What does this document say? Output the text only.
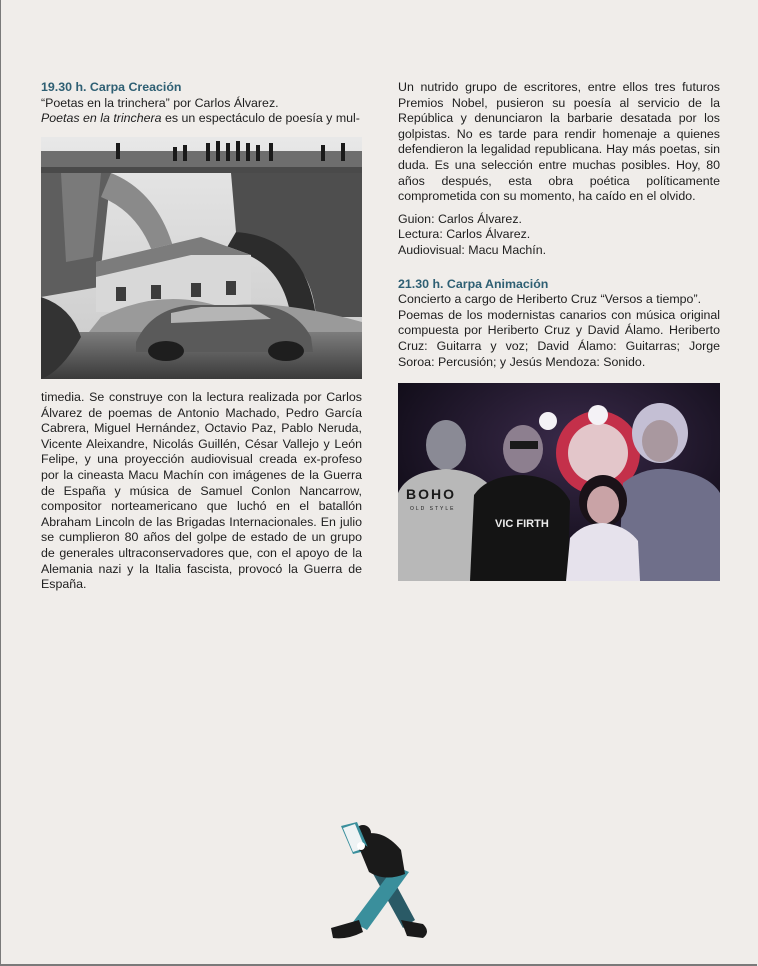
19.30 h. Carpa Creación

“Poetas en la trinchera” por Carlos Álvarez.

Poetas en la trinchera es un espectáculo de poesía y mul-

timedia. Se construye con la lectura realizada por Carlos Álvarez de poemas de Antonio Machado, Pedro García Cabrera, Miguel Hernández, Octavio Paz, Pablo Neruda, Vicente Aleixandre, Nicolás Guillén, César Vallejo y León Felipe, y una proyección audiovisual creada ex-profeso por la cineasta Macu Machín con imágenes de la Guerra de España y música de Samuel Conlon Nancarrow, compositor norteamericano que luchó en el batallón Abraham Lincoln de las Brigadas Internacionales. En julio se cumplieron 80 años del golpe de estado de un grupo de generales ultraconservadores que, con el apoyo de la Alemania nazi y la Italia fascista, provocó la Guerra de España.

Un nutrido grupo de escritores, entre ellos tres futuros Premios Nobel, pusieron su poesía al servicio de la República y denunciaron la barbarie desatada por los golpistas. No es tarde para rendir homenaje a quienes defendieron la legalidad republicana. Hay más poetas, sin duda. Es una selección entre muchas posibles. Hoy, 80 años después, esta obra poética políticamente comprometida con su momento, ha caído en el olvido.

Guion: Carlos Álvarez.
Lectura: Carlos Álvarez.
Audiovisual: Macu Machín.

21.30 h. Carpa Animación

Concierto a cargo de Heriberto Cruz “Versos a tiempo”.

Poemas de los modernistas canarios con música original compuesta por Heriberto Cruz y David Álamo. Heriberto Cruz: Guitarra y voz; David Álamo: Guitarras; Jorge Soroa: Percusión; y Jesús Mendoza: Sonido.

BOHO
OLD STYLE
VIC FIRTH
